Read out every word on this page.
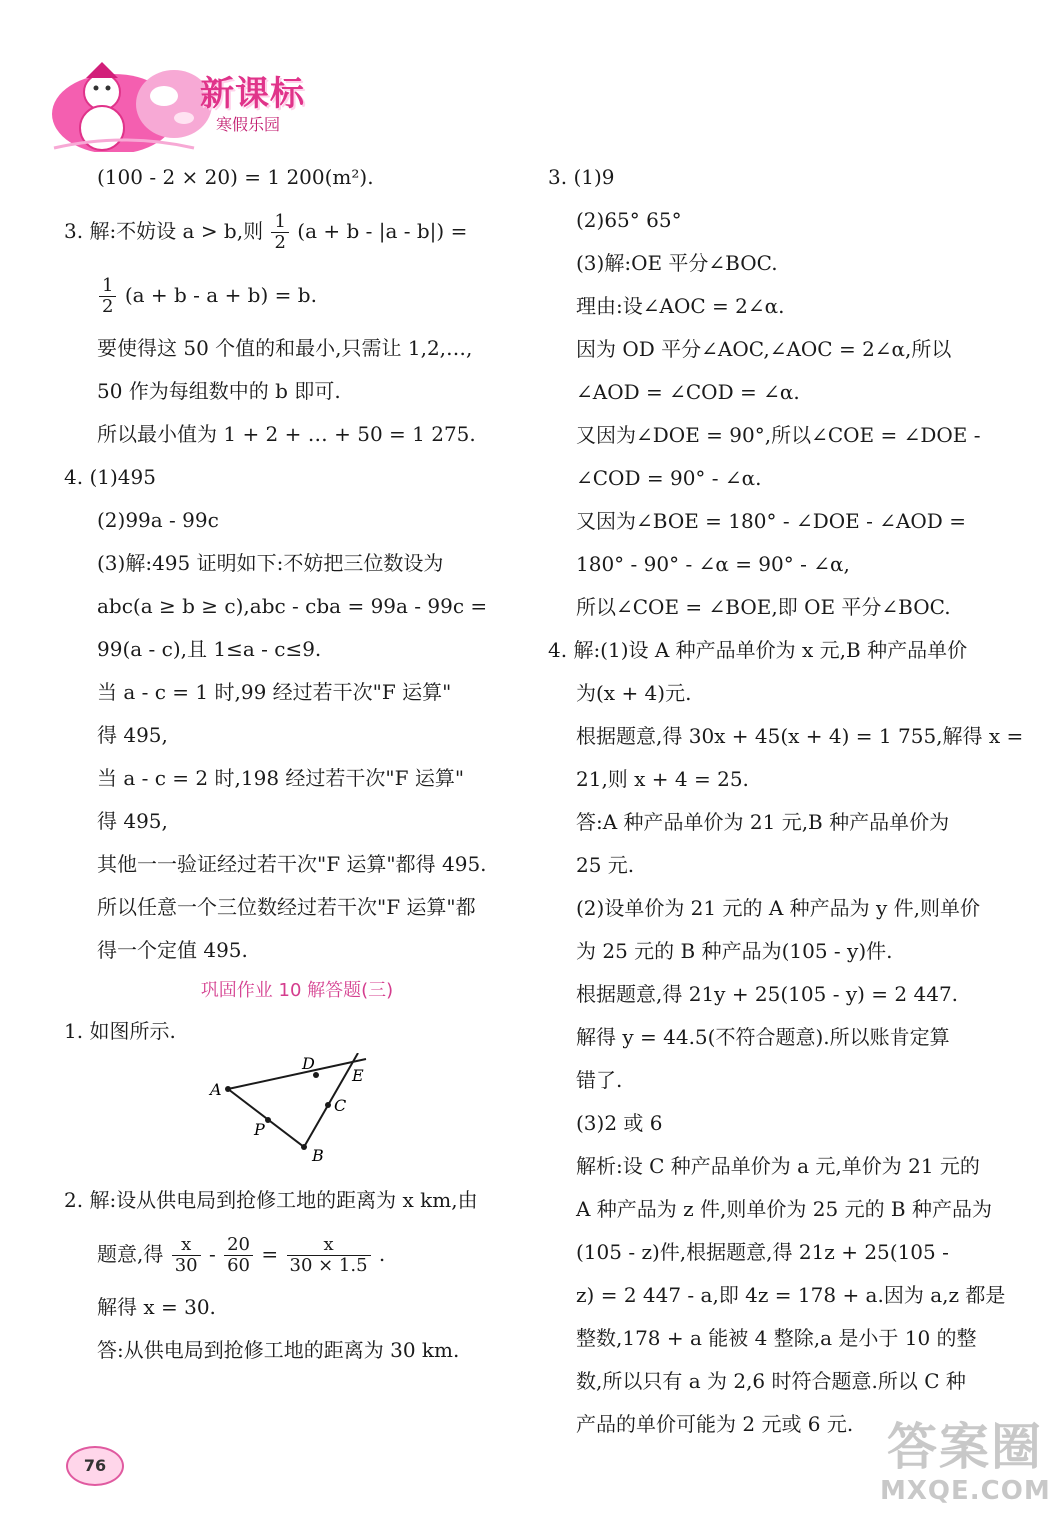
新课标
寒假乐园
(100 - 2 × 20) = 1 200(m²).
3. 解:不妨设 a > b,则 $\frac{1}{2} (a + b - |a - b|)$ =
$\frac{1}{2} (a + b - a + b) = b$.
要使得这 50 个值的和最小,只需让 1,2,…,
50 作为每组数中的 b 即可.
所以最小值为 1 + 2 + … + 50 = 1 275.
4. (1)495
(2)99a - 99c
(3)解:495 证明如下:不妨把三位数设为
abc(a ≥ b ≥ c),abc - cba = 99a - 99c =
99(a - c),且 1≤a - c≤9.
当 a - c = 1 时,99 经过若干次"F 运算"
得 495,
当 a - c = 2 时,198 经过若干次"F 运算"
得 495,
其他一一验证经过若干次"F 运算"都得 495.
所以任意一个三位数经过若干次"F 运算"都
得一个定值 495.
巩固作业 10 解答题(三)
1. 如图所示.
A
B
C
D
E
P
2. 解:设从供电局到抢修工地的距离为 x km,由
题意,得 $\frac{x}{30} - \frac{20}{60} = \frac{x}{30 \times 1.5}$ .
解得 x = 30.
答:从供电局到抢修工地的距离为 30 km.
3. (1)9
(2)65° 65°
(3)解:OE 平分∠BOC.
理由:设∠AOC = 2∠α.
因为 OD 平分∠AOC,∠AOC = 2∠α,所以
∠AOD = ∠COD = ∠α.
又因为∠DOE = 90°,所以∠COE = ∠DOE -
∠COD = 90° - ∠α.
又因为∠BOE = 180° - ∠DOE - ∠AOD =
180° - 90° - ∠α = 90° - ∠α,
所以∠COE = ∠BOE,即 OE 平分∠BOC.
4. 解:(1)设 A 种产品单价为 x 元,B 种产品单价
为(x + 4)元.
根据题意,得 30x + 45(x + 4) = 1 755,解得 x =
21,则 x + 4 = 25.
答:A 种产品单价为 21 元,B 种产品单价为
25 元.
(2)设单价为 21 元的 A 种产品为 y 件,则单价
为 25 元的 B 种产品为(105 - y)件.
根据题意,得 21y + 25(105 - y) = 2 447.
解得 y = 44.5(不符合题意).所以账肯定算
错了.
(3)2 或 6
解析:设 C 种产品单价为 a 元,单价为 21 元的
A 种产品为 z 件,则单价为 25 元的 B 种产品为
(105 - z)件,根据题意,得 21z + 25(105 -
z) = 2 447 - a,即 4z = 178 + a.因为 a,z 都是
整数,178 + a 能被 4 整除,a 是小于 10 的整
数,所以只有 a 为 2,6 时符合题意.所以 C 种
产品的单价可能为 2 元或 6 元.
76	答案圈
MXQE.COM
